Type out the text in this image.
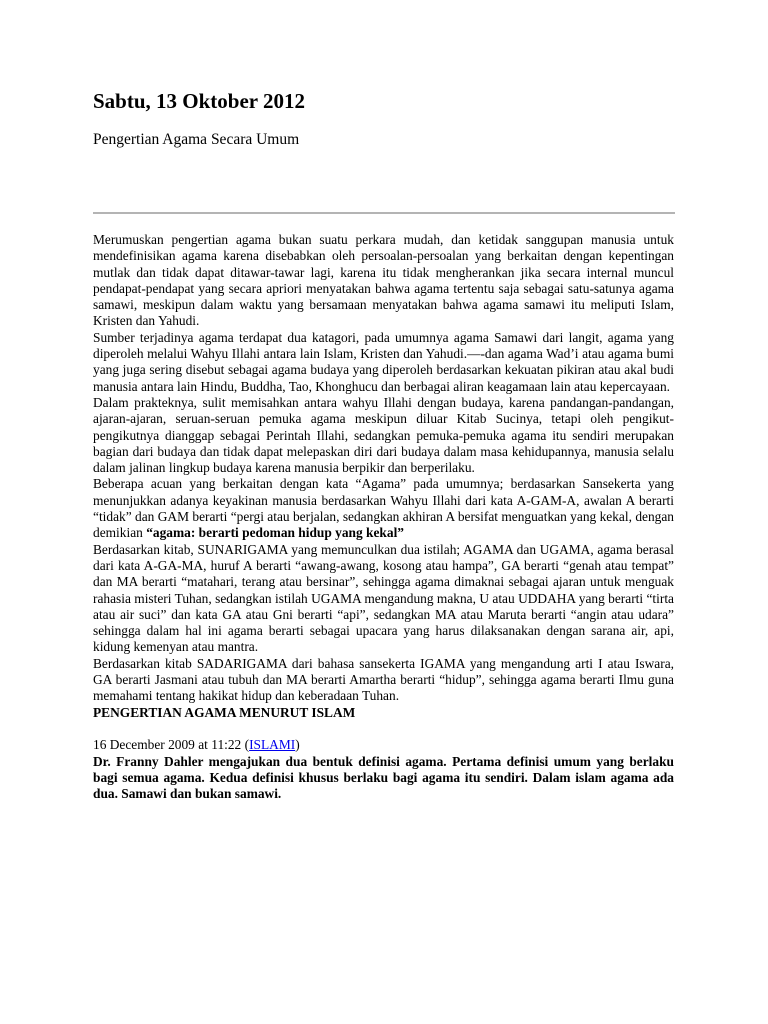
Sabtu, 13 Oktober 2012
Pengertian Agama Secara Umum

Merumuskan pengertian agama bukan suatu perkara mudah, dan ketidak sanggupan manusia untuk mendefinisikan agama karena disebabkan oleh persoalan-persoalan yang berkaitan dengan kepentingan mutlak dan tidak dapat ditawar-tawar lagi, karena itu tidak mengherankan jika secara internal muncul pendapat-pendapat yang secara apriori menyatakan bahwa agama tertentu saja sebagai satu-satunya agama samawi, meskipun dalam waktu yang bersamaan menyatakan bahwa agama samawi itu meliputi Islam, Kristen dan Yahudi.

Sumber terjadinya agama terdapat dua katagori, pada umumnya agama Samawi dari langit, agama yang diperoleh melalui Wahyu Illahi antara lain Islam, Kristen dan Yahudi.—-dan agama Wad’i atau agama bumi yang juga sering disebut sebagai agama budaya yang diperoleh berdasarkan kekuatan pikiran atau akal budi manusia antara lain Hindu, Buddha, Tao, Khonghucu dan berbagai aliran keagamaan lain atau kepercayaan.

Dalam prakteknya, sulit memisahkan antara wahyu Illahi dengan budaya, karena pandangan-pandangan, ajaran-ajaran, seruan-seruan pemuka agama meskipun diluar Kitab Sucinya, tetapi oleh pengikut-pengikutnya dianggap sebagai Perintah Illahi, sedangkan pemuka-pemuka agama itu sendiri merupakan bagian dari budaya dan tidak dapat melepaskan diri dari budaya dalam masa kehidupannya, manusia selalu dalam jalinan lingkup budaya karena manusia berpikir dan berperilaku.

Beberapa acuan yang berkaitan dengan kata “Agama” pada umumnya; berdasarkan Sansekerta yang menunjukkan adanya keyakinan manusia berdasarkan Wahyu Illahi dari kata A-GAM-A, awalan A berarti “tidak” dan GAM berarti “pergi atau berjalan, sedangkan akhiran A bersifat menguatkan yang kekal, dengan demikian “agama: berarti pedoman hidup yang kekal”

Berdasarkan kitab, SUNARIGAMA yang memunculkan dua istilah; AGAMA dan UGAMA, agama berasal dari kata A-GA-MA, huruf A berarti “awang-awang, kosong atau hampa”, GA berarti “genah atau tempat” dan MA berarti “matahari, terang atau bersinar”, sehingga agama dimaknai sebagai ajaran untuk menguak rahasia misteri Tuhan, sedangkan istilah UGAMA mengandung makna, U atau UDDAHA yang berarti “tirta atau air suci” dan kata GA atau Gni berarti “api”, sedangkan MA atau Maruta berarti “angin atau udara” sehingga dalam hal ini agama berarti sebagai upacara yang harus dilaksanakan dengan sarana air, api, kidung kemenyan atau mantra.

Berdasarkan kitab SADARIGAMA dari bahasa sansekerta IGAMA yang mengandung arti I atau Iswara, GA berarti Jasmani atau tubuh dan MA berarti Amartha berarti “hidup”, sehingga agama berarti Ilmu guna memahami tentang hakikat hidup dan keberadaan Tuhan.

PENGERTIAN AGAMA MENURUT ISLAM

16 December 2009 at 11:22 (ISLAMI)

Dr. Franny Dahler mengajukan dua bentuk definisi agama. Pertama definisi umum yang berlaku bagi semua agama. Kedua definisi khusus berlaku bagi agama itu sendiri. Dalam islam agama ada dua. Samawi dan bukan samawi.
